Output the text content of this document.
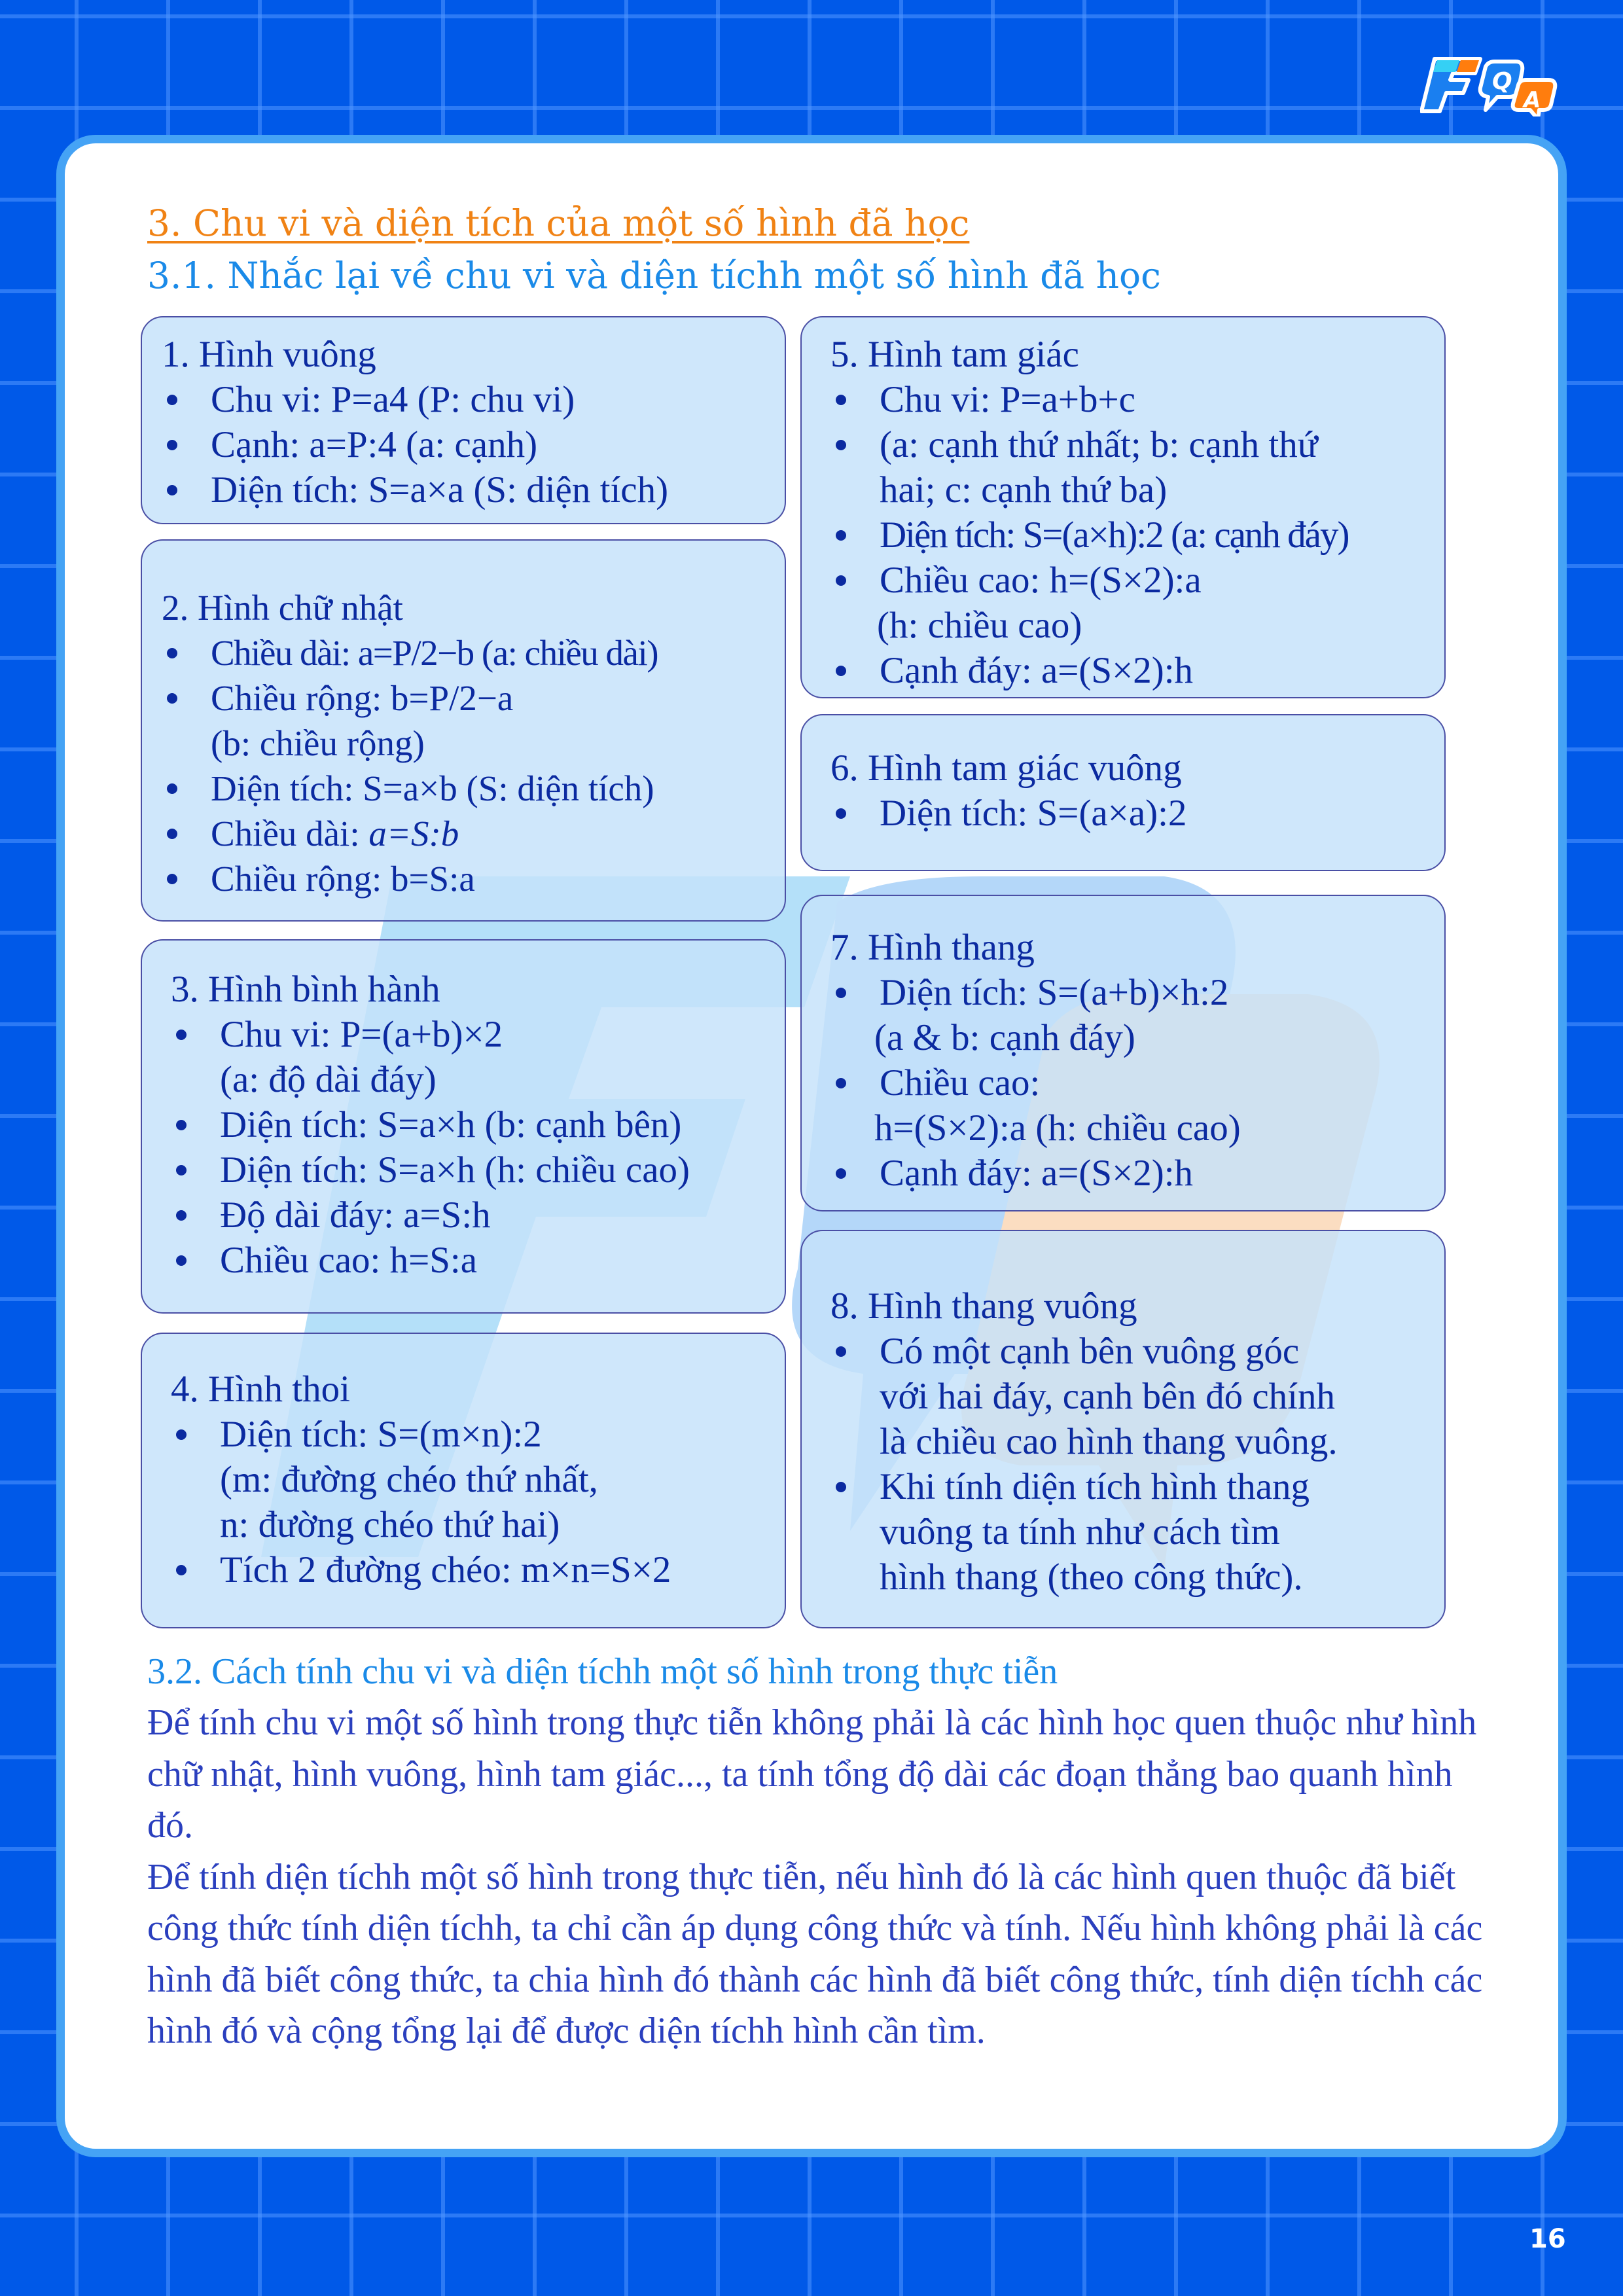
Q
A
3. Chu vi và diện tích của một số hình đã học
3.1. Nhắc lại về chu vi và diện tíchh một số hình đã học
1. Hình vuông
Chu vi: P=a4 (P: chu vi)
Cạnh: a=P:4 (a: cạnh)
Diện tích: S=a×a (S: diện tích)
2. Hình chữ nhật
Chiều dài: a=P/2−b (a: chiều dài)
Chiều rộng: b=P/2−a
(b: chiều rộng)
Diện tích: S=a×b (S: diện tích)
Chiều dài: a=S:b
Chiều rộng: b=S:a
3. Hình bình hành
Chu vi: P=(a+b)×2
(a: độ dài đáy)
Diện tích: S=a×h (b: cạnh bên)
Diện tích: S=a×h (h: chiều cao)
Độ dài đáy: a=S:h
Chiều cao: h=S:a
4. Hình thoi
Diện tích: S=(m×n):2
(m: đường chéo thứ nhất,
n: đường chéo thứ hai)
Tích 2 đường chéo: m×n=S×2
5. Hình tam giác
Chu vi: P=a+b+c
(a: cạnh thứ nhất; b: cạnh thứ
hai; c: cạnh thứ ba)
Diện tích: S=(a×h):2 (a: cạnh đáy)
Chiều cao: h=(S×2):a
(h: chiều cao)
Cạnh đáy: a=(S×2):h
6. Hình tam giác vuông
Diện tích: S=(a×a):2
7. Hình thang
Diện tích: S=(a+b)×h:2
(a & b: cạnh đáy)
Chiều cao:
h=(S×2):a (h: chiều cao)
Cạnh đáy: a=(S×2):h
8. Hình thang vuông
Có một cạnh bên vuông góc
với hai đáy, cạnh bên đó chính
là chiều cao hình thang vuông.
Khi tính diện tích hình thang
vuông ta tính như cách tìm
hình thang (theo công thức).
3.2. Cách tính chu vi và diện tíchh một số hình trong thực tiễn

Để tính chu vi một số hình trong thực tiễn không phải là các hình học quen thuộc như hình chữ nhật, hình vuông, hình tam giác..., ta tính tổng độ dài các đoạn thẳng bao quanh hình đó.

Để tính diện tíchh một số hình trong thực tiễn, nếu hình đó là các hình quen thuộc đã biết công thức tính diện tíchh, ta chỉ cần áp dụng công thức và tính. Nếu hình không phải là các hình đã biết công thức, ta chia hình đó thành các hình đã biết công thức, tính diện tíchh các hình đó và cộng tổng lại để được diện tíchh hình cần tìm.

16
